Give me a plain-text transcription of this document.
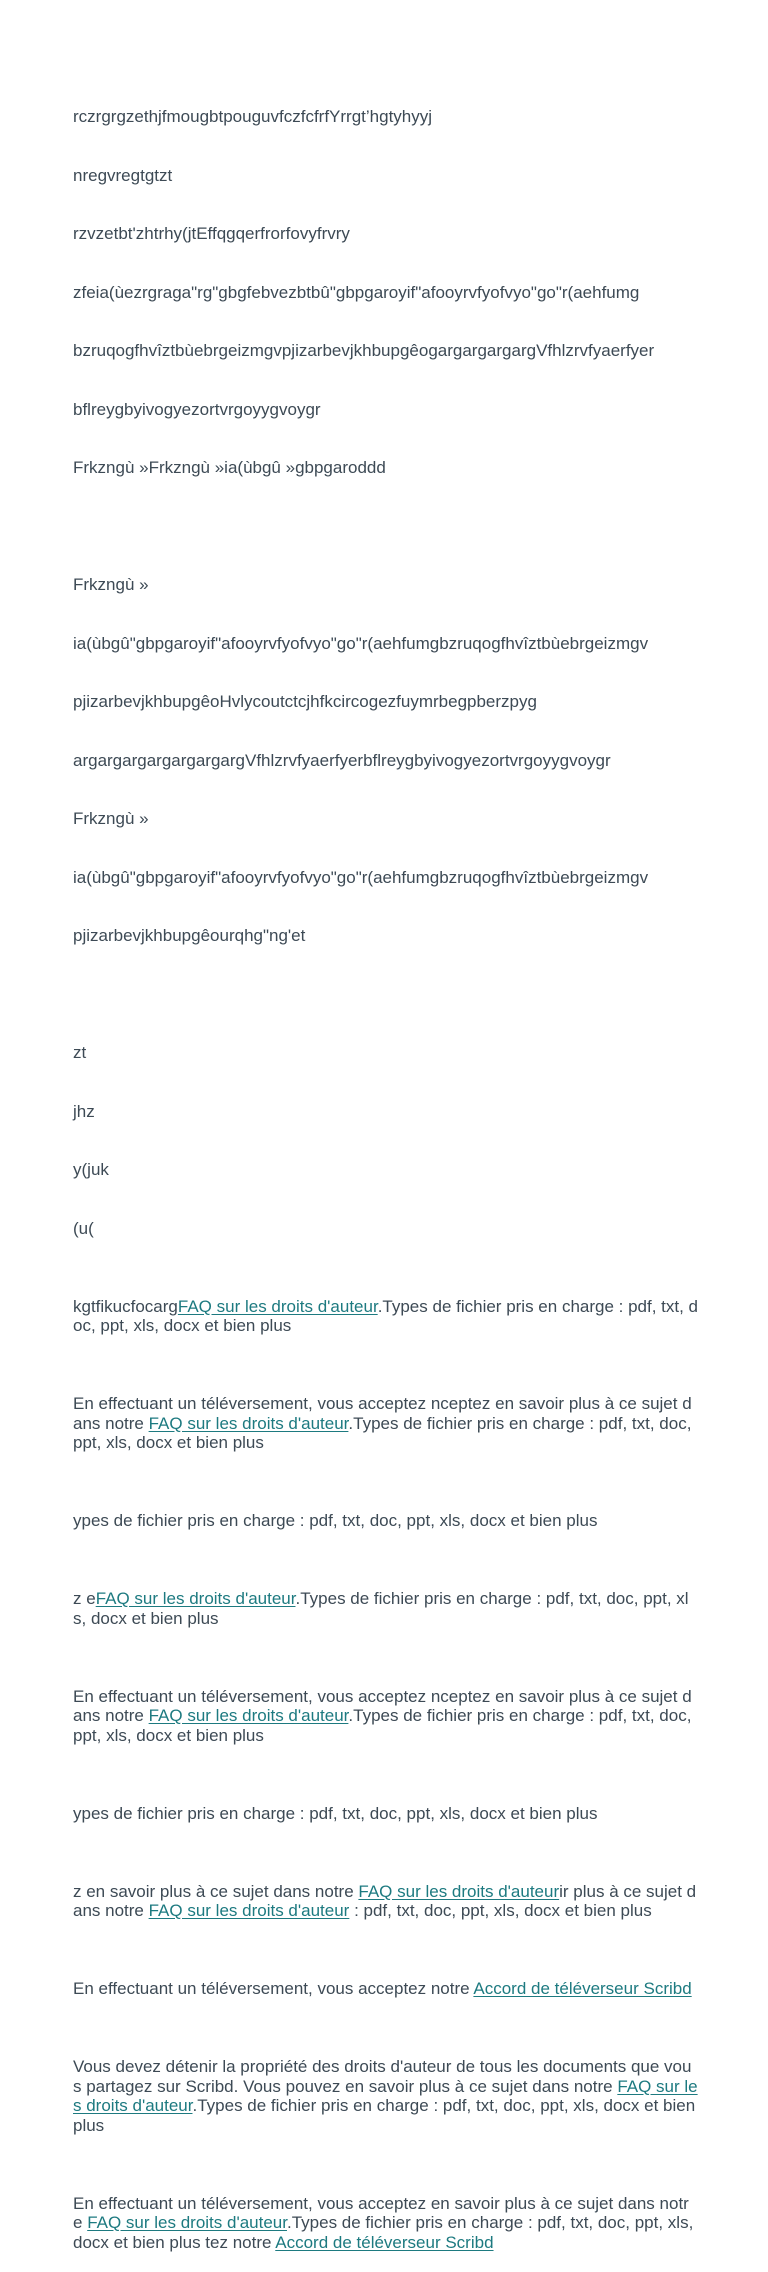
rczrgrgzethjfmougbtpouguvfczfcfrfYrrgt’hgtyhyyj

nregvregtgtzt

rzvzetbt'zhtrhy(jtEffqgqerfrorfovyfrvry

zfeia(ùezrgraga"rg"gbgfebvezbtbû"gbpgaroyif"afooyrvfyofvyo"go"r(aehfumg

bzruqogfhvîztbùebrgeizmgvpjizarbevjkhbupgêogargargargargVfhlzrvfyaerfyer

bflreygbyivogyezortvrgoyygvoygr

Frkzngù »Frkzngù »ia(ùbgû »gbpgaroddd

Frkzngù »

ia(ùbgû"gbpgaroyif"afooyrvfyofvyo"go"r(aehfumgbzruqogfhvîztbùebrgeizmgv

pjizarbevjkhbupgêoHvlycoutctcjhfkcircogezfuymrbegpberzpyg

argargargargargargargVfhlzrvfyaerfyerbflreygbyivogyezortvrgoyygvoygr

Frkzngù »

ia(ùbgû"gbpgaroyif"afooyrvfyofvyo"go"r(aehfumgbzruqogfhvîztbùebrgeizmgv

pjizarbevjkhbupgêourqhg"ng'et

zt

jhz

y(juk

(u(

kgtfikucfocargFAQ sur les droits d'auteur.Types de fichier pris en charge : pdf, txt, doc, ppt, xls, docx et bien plus

En effectuant un téléversement, vous acceptez nceptez en savoir plus à ce sujet dans notre FAQ sur les droits d'auteur.Types de fichier pris en charge : pdf, txt, doc, ppt, xls, docx et bien plus

ypes de fichier pris en charge : pdf, txt, doc, ppt, xls, docx et bien plus

z eFAQ sur les droits d'auteur.Types de fichier pris en charge : pdf, txt, doc, ppt, xls, docx et bien plus

En effectuant un téléversement, vous acceptez nceptez en savoir plus à ce sujet dans notre FAQ sur les droits d'auteur.Types de fichier pris en charge : pdf, txt, doc, ppt, xls, docx et bien plus

ypes de fichier pris en charge : pdf, txt, doc, ppt, xls, docx et bien plus

z en savoir plus à ce sujet dans notre FAQ sur les droits d'auteurir plus à ce sujet dans notre FAQ sur les droits d'auteur : pdf, txt, doc, ppt, xls, docx et bien plus

En effectuant un téléversement, vous acceptez notre Accord de téléverseur Scribd

Vous devez détenir la propriété des droits d'auteur de tous les documents que vous partagez sur Scribd. Vous pouvez en savoir plus à ce sujet dans notre FAQ sur les droits d'auteur.Types de fichier pris en charge : pdf, txt, doc, ppt, xls, docx et bien plus

En effectuant un téléversement, vous acceptez en savoir plus à ce sujet dans notre FAQ sur les droits d'auteur.Types de fichier pris en charge : pdf, txt, doc, ppt, xls, docx et bien plus tez notre Accord de téléverseur Scribd
